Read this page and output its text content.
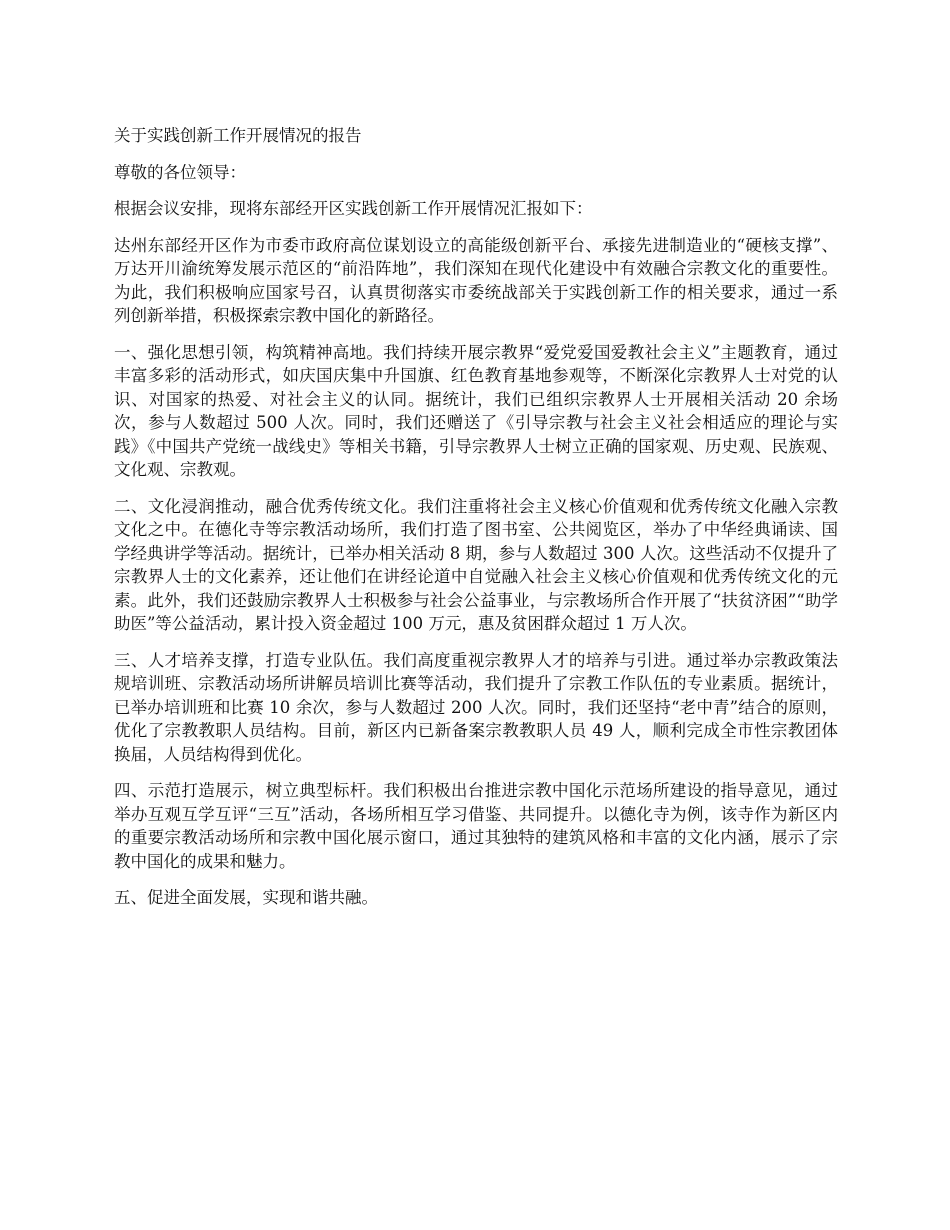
关于实践创新工作开展情况的报告

尊敬的各位领导：

根据会议安排，现将东部经开区实践创新工作开展情况汇报如下：

达州东部经开区作为市委市政府高位谋划设立的高能级创新平台、承接先进制造业的“硬核支撑”、万达开川渝统筹发展示范区的“前沿阵地”，我们深知在现代化建设中有效融合宗教文化的重要性。为此，我们积极响应国家号召，认真贯彻落实市委统战部关于实践创新工作的相关要求，通过一系列创新举措，积极探索宗教中国化的新路径。

一、强化思想引领，构筑精神高地。我们持续开展宗教界“爱党爱国爱教社会主义”主题教育，通过丰富多彩的活动形式，如庆国庆集中升国旗、红色教育基地参观等，不断深化宗教界人士对党的认识、对国家的热爱、对社会主义的认同。据统计，我们已组织宗教界人士开展相关活动 20 余场次，参与人数超过 500 人次。同时，我们还赠送了《引导宗教与社会主义社会相适应的理论与实践》《中国共产党统一战线史》等相关书籍，引导宗教界人士树立正确的国家观、历史观、民族观、文化观、宗教观。

二、文化浸润推动，融合优秀传统文化。我们注重将社会主义核心价值观和优秀传统文化融入宗教文化之中。在德化寺等宗教活动场所，我们打造了图书室、公共阅览区，举办了中华经典诵读、国学经典讲学等活动。据统计，已举办相关活动 8 期，参与人数超过 300 人次。这些活动不仅提升了宗教界人士的文化素养，还让他们在讲经论道中自觉融入社会主义核心价值观和优秀传统文化的元素。此外，我们还鼓励宗教界人士积极参与社会公益事业，与宗教场所合作开展了“扶贫济困”“助学助医”等公益活动，累计投入资金超过 100 万元，惠及贫困群众超过 1 万人次。

三、人才培养支撑，打造专业队伍。我们高度重视宗教界人才的培养与引进。通过举办宗教政策法规培训班、宗教活动场所讲解员培训比赛等活动，我们提升了宗教工作队伍的专业素质。据统计，已举办培训班和比赛 10 余次，参与人数超过 200 人次。同时，我们还坚持“老中青”结合的原则，优化了宗教教职人员结构。目前，新区内已新备案宗教教职人员 49 人，顺利完成全市性宗教团体换届，人员结构得到优化。

四、示范打造展示，树立典型标杆。我们积极出台推进宗教中国化示范场所建设的指导意见，通过举办互观互学互评“三互”活动，各场所相互学习借鉴、共同提升。以德化寺为例，该寺作为新区内的重要宗教活动场所和宗教中国化展示窗口，通过其独特的建筑风格和丰富的文化内涵，展示了宗教中国化的成果和魅力。

五、促进全面发展，实现和谐共融。
